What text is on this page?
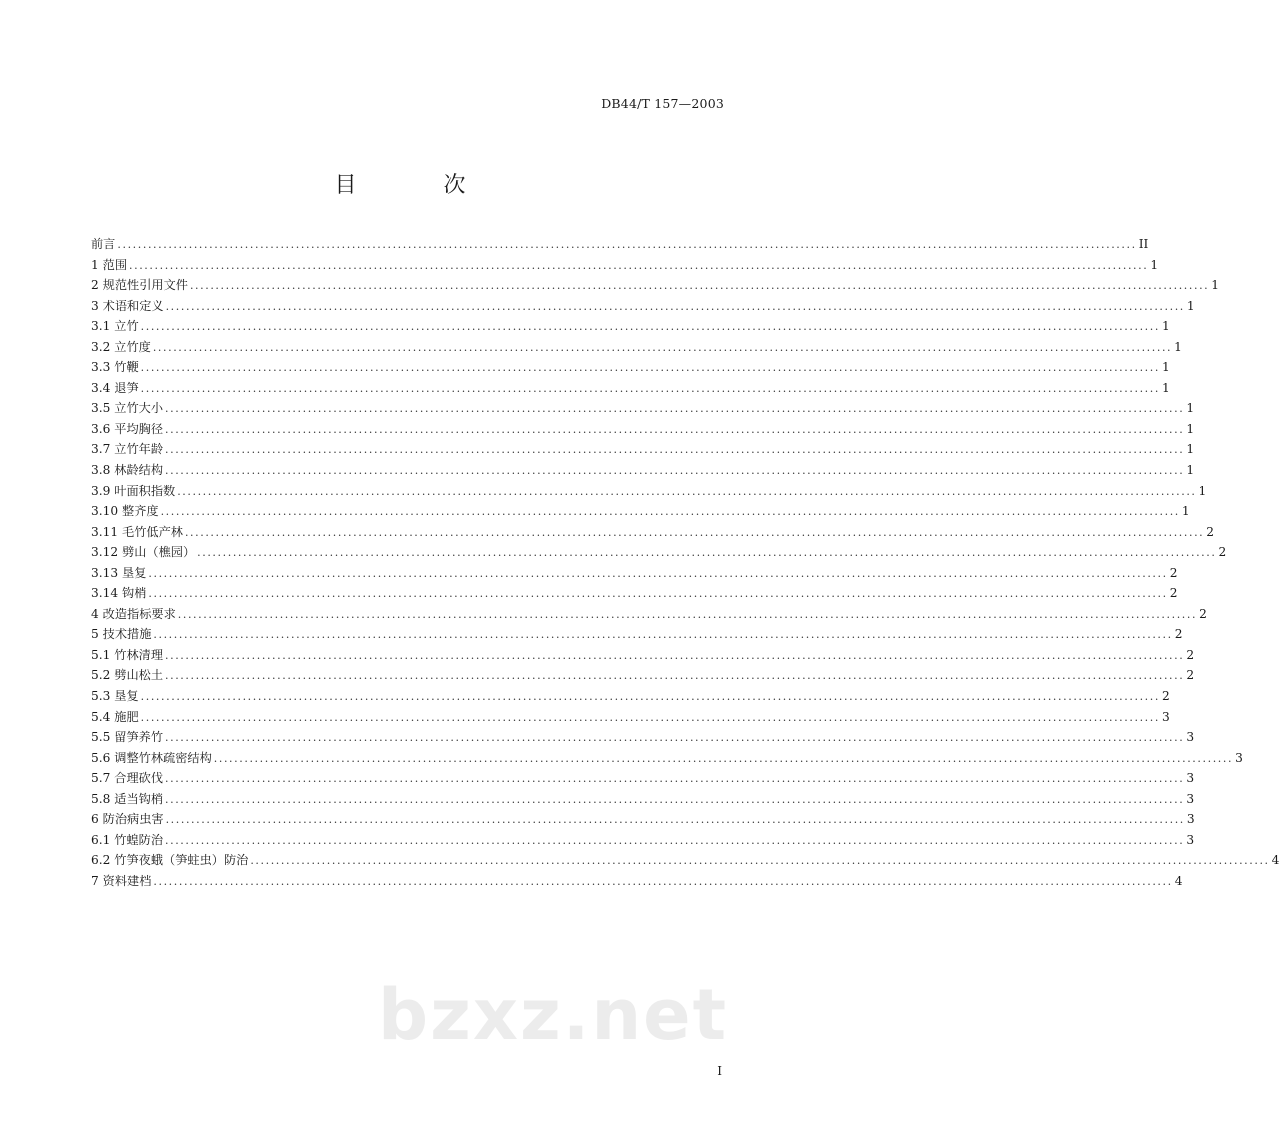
DB44/T 157—2003
目 次
前言 ........................................................................................................................................................................................................ II
1 范围 ........................................................................................................................................................................................................ 1
2 规范性引用文件 ........................................................................................................................................................................................................ 1
3 术语和定义 ........................................................................................................................................................................................................ 1
3.1 立竹 ........................................................................................................................................................................................................ 1
3.2 立竹度 ........................................................................................................................................................................................................ 1
3.3 竹鞭 ........................................................................................................................................................................................................ 1
3.4 退笋 ........................................................................................................................................................................................................ 1
3.5 立竹大小 ........................................................................................................................................................................................................ 1
3.6 平均胸径 ........................................................................................................................................................................................................ 1
3.7 立竹年龄 ........................................................................................................................................................................................................ 1
3.8 林龄结构 ........................................................................................................................................................................................................ 1
3.9 叶面积指数 ........................................................................................................................................................................................................ 1
3.10 整齐度 ........................................................................................................................................................................................................ 1
3.11 毛竹低产林 ........................................................................................................................................................................................................ 2
3.12 劈山（樵园） ........................................................................................................................................................................................................ 2
3.13 垦复 ........................................................................................................................................................................................................ 2
3.14 钩梢 ........................................................................................................................................................................................................ 2
4 改造指标要求 ........................................................................................................................................................................................................ 2
5 技术措施 ........................................................................................................................................................................................................ 2
5.1 竹林清理 ........................................................................................................................................................................................................ 2
5.2 劈山松土 ........................................................................................................................................................................................................ 2
5.3 垦复 ........................................................................................................................................................................................................ 2
5.4 施肥 ........................................................................................................................................................................................................ 3
5.5 留笋养竹 ........................................................................................................................................................................................................ 3
5.6 调整竹林疏密结构 ........................................................................................................................................................................................................ 3
5.7 合理砍伐 ........................................................................................................................................................................................................ 3
5.8 适当钩梢 ........................................................................................................................................................................................................ 3
6 防治病虫害 ........................................................................................................................................................................................................ 3
6.1 竹蝗防治 ........................................................................................................................................................................................................ 3
6.2 竹笋夜蛾（笋蛀虫）防治 ........................................................................................................................................................................................................ 4
7 资料建档 ........................................................................................................................................................................................................ 4
bzxz.net
I
